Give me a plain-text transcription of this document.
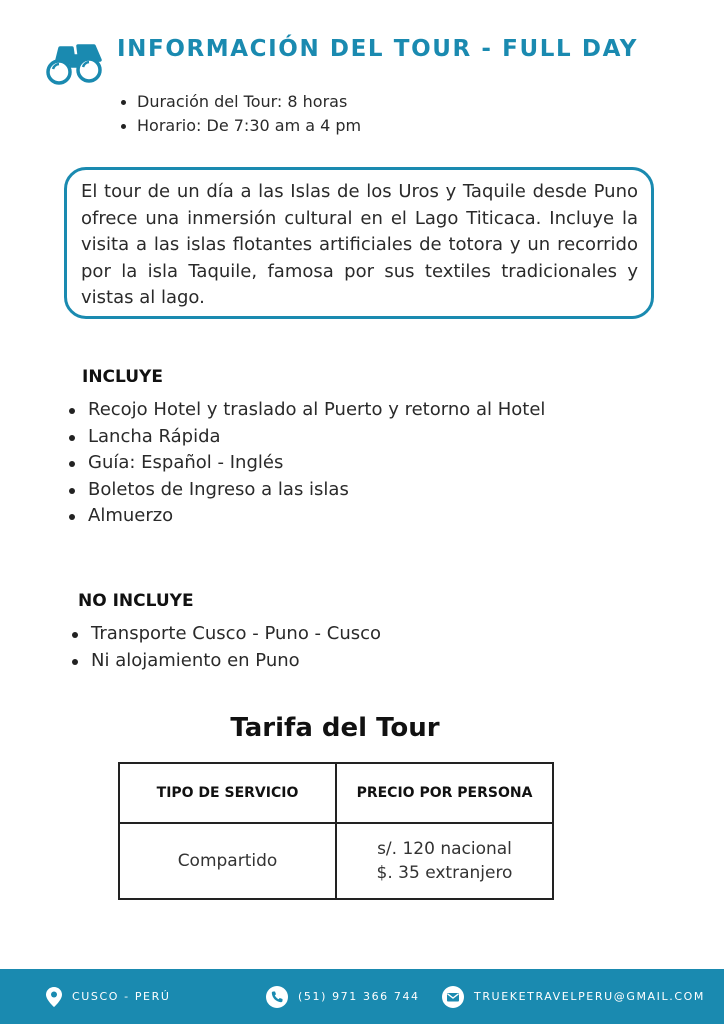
INFORMACIÓN DEL TOUR - FULL DAY
Duración del Tour: 8 horas
Horario: De 7:30 am a 4 pm

El tour de un día a las Islas de los Uros y Taquile desde Puno ofrece una inmersión cultural en el Lago Titicaca. Incluye la visita a las islas flotantes artificiales de totora y un recorrido por la isla Taquile, famosa por sus textiles tradicionales y vistas al lago.

INCLUYE
Recojo Hotel y traslado al Puerto y retorno al Hotel
Lancha Rápida
Guía: Español - Inglés
Boletos de Ingreso a las islas
Almuerzo
NO INCLUYE
Transporte Cusco - Puno - Cusco
Ni alojamiento en Puno
Tarifa del Tour
TIPO DE SERVICIO	PRECIO POR PERSONA
Compartido	s/. 120 nacional
$. 35 extranjero
CUSCO - PERÚ	(51) 971 366 744	TRUEKETRAVELPERU@GMAIL.COM
